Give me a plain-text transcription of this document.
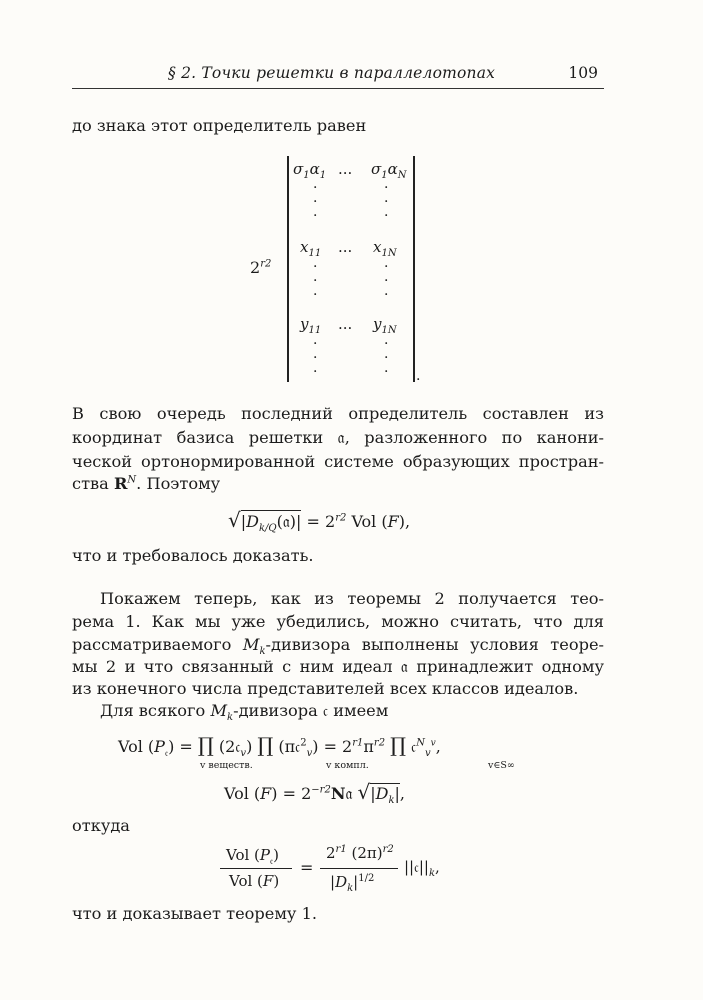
§ 2. Точки решетки в параллелотопах	109
до знака этот определитель равен
$2^{r2}$
.
$\sigma_1\alpha_1$ ... $\sigma_1\alpha_N$
·
·
·
·
·
·
$x_{11}$ ... $x_{1N}$
·
·
·
·
·
·
$y_{11}$ ... $y_{1N}$
·
·
·
·
·
·
В свою очередь последний определитель составлен из
координат базиса решетки 𝔞, разложенного по канони-
ческой ортонормированной системе образующих простран-
ства $R^N$. Поэтому
$√|D_{k/Q}(𝔞)| = 2^{r2}$ Vol (F),
что и требовалось доказать.
Покажем теперь, как из теоремы 2 получается тео-
рема 1. Как мы уже убедились, можно считать, что для
рассматриваемого $M_k$-дивизора выполнены условия теоре-
мы 2 и что связанный с ним идеал 𝔞 принадлежит одному
из конечного числа представителей всех классов идеалов.
Для всякого $M_k$-дивизора 𝔠 имеем
Vol $(P_𝔠)$ = ∏ (2𝔠$_v$) ∏ (π𝔠$^2_v$) = $2^{r1}\pi^{r2}$ ∏ 𝔠$^N_v^v$,
v веществ.	v компл.	v∈S∞
Vol $(F) = 2^{-r2}N𝔞$ $√|D_k|$,
откуда
Vol $(P_𝔠)$
Vol (F)
=
$2^{r1}$ $(2\pi)^{r2}$
$|D_k|^{1/2}$
$||𝔠||_k$,
что и доказывает теорему 1.
